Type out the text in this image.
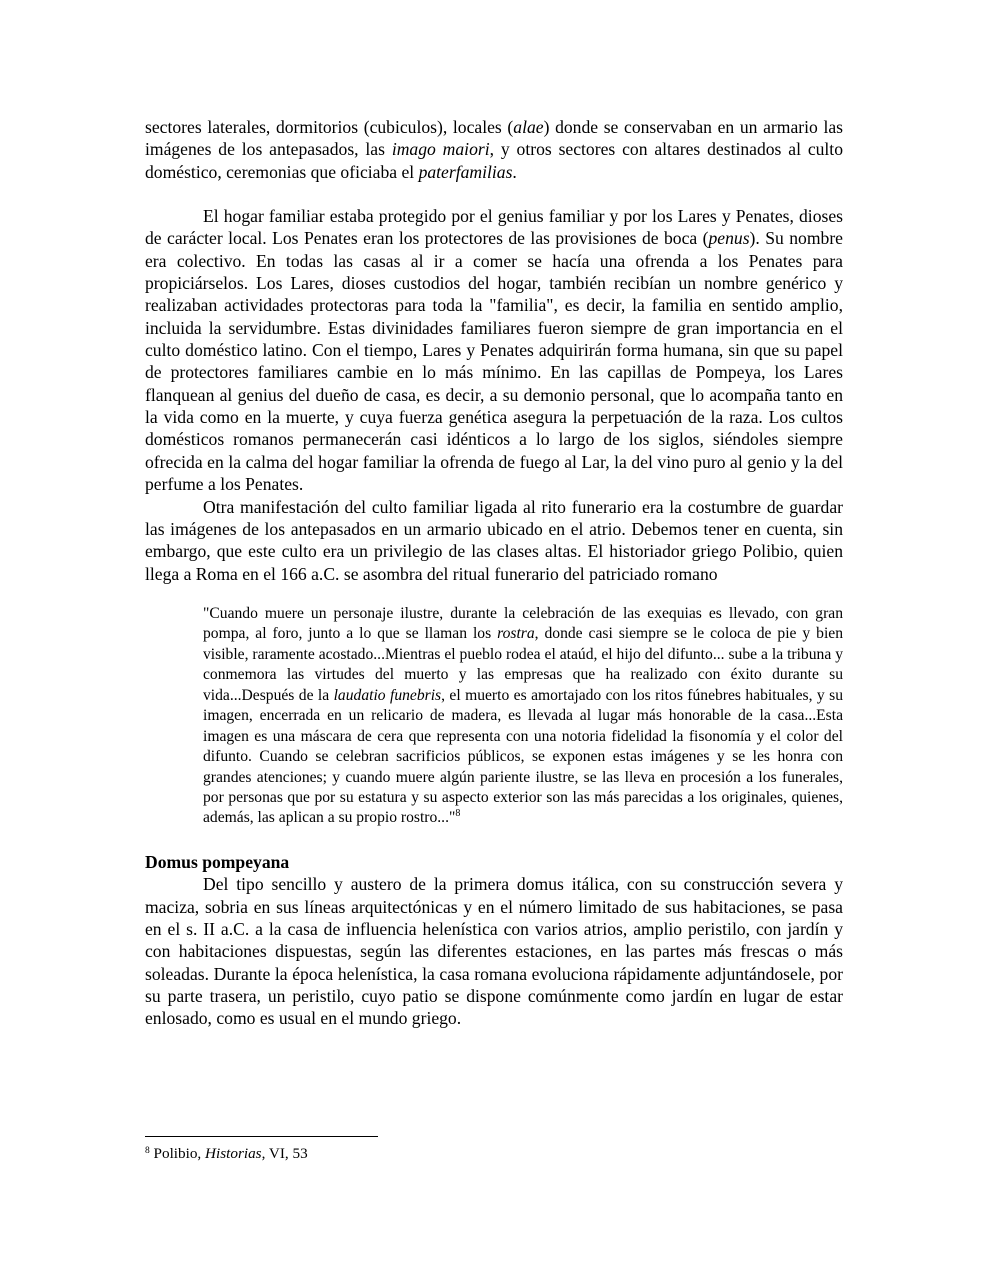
sectores laterales, dormitorios (cubiculos), locales (alae) donde se conservaban en un armario las imágenes de los antepasados, las imago maiori, y otros sectores con altares destinados al culto doméstico, ceremonias que oficiaba el paterfamilias.

El hogar familiar estaba protegido por el genius familiar y por los Lares y Penates, dioses de carácter local. Los Penates eran los protectores de las provisiones de boca (penus). Su nombre era colectivo. En todas las casas al ir a comer se hacía una ofrenda a los Penates para propiciárselos. Los Lares, dioses custodios del hogar, también recibían un nombre genérico y realizaban actividades protectoras para toda la "familia", es decir, la familia en sentido amplio, incluida la servidumbre. Estas divinidades familiares fueron siempre de gran importancia en el culto doméstico latino. Con el tiempo, Lares y Penates adquirirán forma humana, sin que su papel de protectores familiares cambie en lo más mínimo. En las capillas de Pompeya, los Lares flanquean al genius del dueño de casa, es decir, a su demonio personal, que lo acompaña tanto en la vida como en la muerte, y cuya fuerza genética asegura la perpetuación de la raza. Los cultos domésticos romanos permanecerán casi idénticos a lo largo de los siglos, siéndoles siempre ofrecida en la calma del hogar familiar la ofrenda de fuego al Lar, la del vino puro al genio y la del perfume a los Penates.

Otra manifestación del culto familiar ligada al rito funerario era la costumbre de guardar las imágenes de los antepasados en un armario ubicado en el atrio. Debemos tener en cuenta, sin embargo, que este culto era un privilegio de las clases altas. El historiador griego Polibio, quien llega a Roma en el 166 a.C. se asombra del ritual funerario del patriciado romano

"Cuando muere un personaje ilustre, durante la celebración de las exequias es llevado, con gran pompa, al foro, junto a lo que se llaman los rostra, donde casi siempre se le coloca de pie y bien visible, raramente acostado...Mientras el pueblo rodea el ataúd, el hijo del difunto... sube a la tribuna y conmemora las virtudes del muerto y las empresas que ha realizado con éxito durante su vida...Después de la laudatio funebris, el muerto es amortajado con los ritos fúnebres habituales, y su imagen, encerrada en un relicario de madera, es llevada al lugar más honorable de la casa...Esta imagen es una máscara de cera que representa con una notoria fidelidad la fisonomía y el color del difunto. Cuando se celebran sacrificios públicos, se exponen estas imágenes y se les honra con grandes atenciones; y cuando muere algún pariente ilustre, se las lleva en procesión a los funerales, por personas que por su estatura y su aspecto exterior son las más parecidas a los originales, quienes, además, las aplican a su propio rostro..."$^8$
Domus pompeyana

Del tipo sencillo y austero de la primera domus itálica, con su construcción severa y maciza, sobria en sus líneas arquitectónicas y en el número limitado de sus habitaciones, se pasa en el s. II a.C. a la casa de influencia helenística con varios atrios, amplio peristilo, con jardín y con habitaciones dispuestas, según las diferentes estaciones, en las partes más frescas o más soleadas. Durante la época helenística, la casa romana evoluciona rápidamente adjuntándosele, por su parte trasera, un peristilo, cuyo patio se dispone comúnmente como jardín en lugar de estar enlosado, como es usual en el mundo griego.

$^8$ Polibio, Historias, VI, 53
